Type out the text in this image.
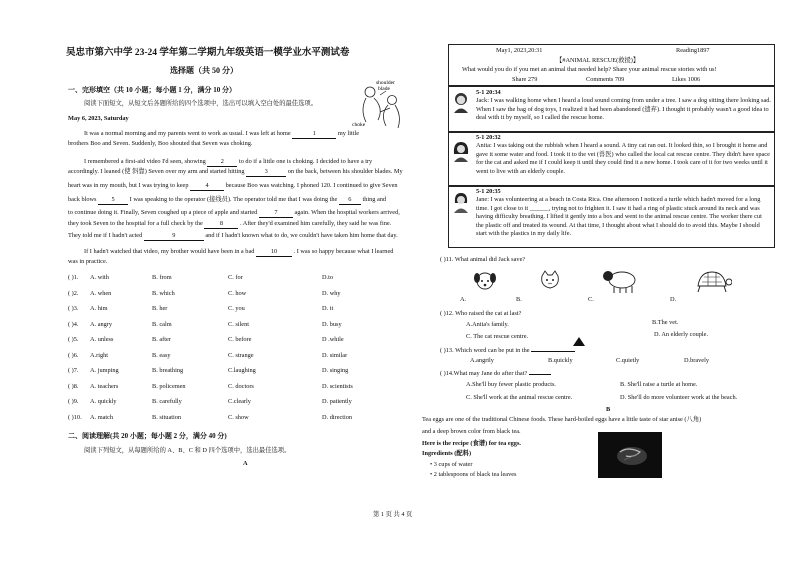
吴忠市第六中学 23-24 学年第二学期九年级英语一模学业水平测试卷
选择题（共 50 分）
一、完形填空（共 10 小题；每小题 1 分，满分 10 分）
阅读下面短文，从短文后各题所给的四个选项中，选出可以填入空白处的最佳选项。
May 6, 2023, Saturday
shoulder
blade
choke
It was a normal morning and my parents went to work as usual. I was left at home	1	my little
brothers Boo and Seven. Suddenly, Boo shouted that Seven was choking.
I remembered a first-aid video I'd seen, showing 2 to do if a little one is choking. I decided to have a try
accordingly. I leaned (使 斜靠) Seven over my arm and started hitting	3	on the back, between his shoulder blades. My
heart was in my mouth, but I was trying to keep	4	because Boo was watching. I phoned 120. I continued to give Seven
back blows 5 I was speaking to the operator (接线员). The operator told me that I was doing the 6 thing and
to continue doing it. Finally, Seven coughed up a piece of apple and started	7	again. When the hospital workers arrived,
they took Seven to the hospital for a full check by the	8	. After they'd examined him carefully, they said he was fine.
They told me if I hadn't acted	9	and if I hadn't known what to do, we couldn't have taken him home that day.
If I hadn't watched that video, my brother would have been in a bad	10	. I was so happy because what I learned
was in practice.
( )1. A. with	B. from	C. for	D.to
( )2. A. when	B. which	C. how	D. why
( )3. A. him	B. her	C. you	D. it
( )4. A. angry	B. calm	C. silent	D. busy
( )5. A. unless	B. after	C. before	D .while
( )6. A.right	B. easy	C. strange	D. similar
( )7. A. jumping	B. breathing	C.laughing	D. singing
( )8. A. teachers	B. policemen	C. doctors	D. scientists
( )9. A. quickly	B. carefully	C.clearly	D. patiently
( )10. A. match	B. situation	C. show	D. direction
二、阅读理解(共 20 小题；每小题 2 分，满分 40 分)
阅读下列短文，从每题所给的 A、B、C 和 D 四个选项中，选出最佳选项。
A
May1, 2023,20:31	Reading1897
【#ANIMAL RESCUE(救援)】
What would you do if you met an animal that needed help? Share your animal rescue stories with us!
Share 279	Comments 709	Likes 1006
5-1 20:34
Jack: I was walking home when I heard a loud sound coming from under a tree. I saw a dog sitting there looking sad. When I saw the bag of dog toys, I realized it had been abandoned (遗弃). I thought it probably wasn't a good idea to deal with it by myself, so I called the rescue home.
5-1 20:32
Anita: I was taking out the rubbish when I heard a sound. A tiny cat ran out. It looked thin, so I brought it home and gave it some water and food. I took it to the vet (兽医) who called the local cat rescue centre. They didn't have space for the cat and asked me if I could keep it until they could find it a new home. I took care of it for two weeks until it went to live with an elderly couple.
5-1 20:35
Jane: I was volunteering at a beach in Costa Rica. One afternoon I noticed a turtle which hadn't moved for a long time. I got close to it ______, trying not to frighten it. I saw it had a ring of plastic stuck around its neck and was having difficulty breathing. I lifted it gently into a box and went to the animal rescue centre. The worker there cut the plastic off and treated its wound. At that time, I thought about what I should do to avoid this. Maybe I should start with the plastics in my daily life.
( )11. What animal did Jack save?
A.	B.	C.	D.
( )12. Who raised the cat at last?
A.Anita's family.	B.The vet.
C. The cat rescue centre.	D. An elderly couple.
( )13. Which word can be put in the
A.angrily	B.quickly	C.quietly	D.bravely
( )14.What may Jane do after that?
A.She'll buy fewer plastic products.	B. She'll raise a turtle at home.
C. She'll work at the animal rescue centre.	D. She'll do more volunteer work at the beach.
B
Tea eggs are one of the traditional Chinese foods. These hard-boiled eggs have a little taste of star anise (八角)
and a deep brown color from black tea.
Here is the recipe (食谱) for tea eggs.
Ingredients (配料)
• 3 cups of water
• 2 tablespoons of black tea leaves
第 1 页 共 4 页
